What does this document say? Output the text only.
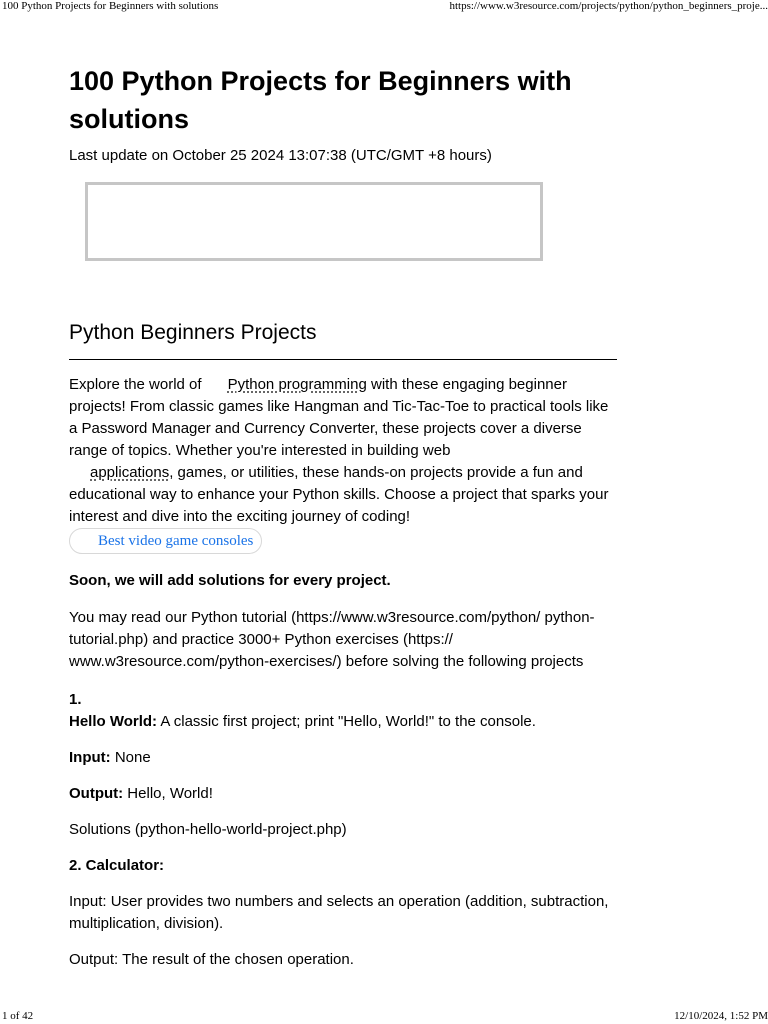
100 Python Projects for Beginners with solutions	https://www.w3resource.com/projects/python/python_beginners_proje...
100 Python Projects for Beginners with solutions
Last update on October 25 2024 13:07:38 (UTC/GMT +8 hours)
Python Beginners Projects

Explore the world of Python programming with these engaging beginner projects! From classic games like Hangman and Tic-Tac-Toe to practical tools like a Password Manager and Currency Converter, these projects cover a diverse range of topics. Whether you're interested in building web
applications, games, or utilities, these hands-on projects provide a fun and educational way to enhance your Python skills. Choose a project that sparks your interest and dive into the exciting journey of coding!

Best video game consoles

Soon, we will add solutions for every project.

You may read our Python tutorial (https://www.w3resource.com/python/ python-tutorial.php) and practice 3000+ Python exercises (https:// www.w3resource.com/python-exercises/) before solving the following projects

1.

Hello World: A classic first project; print "Hello, World!" to the console.

Input: None

Output: Hello, World!

Solutions (python-hello-world-project.php)

2. Calculator:

Input: User provides two numbers and selects an operation (addition, subtraction, multiplication, division).

Output: The result of the chosen operation.

1 of 42	12/10/2024, 1:52 PM
